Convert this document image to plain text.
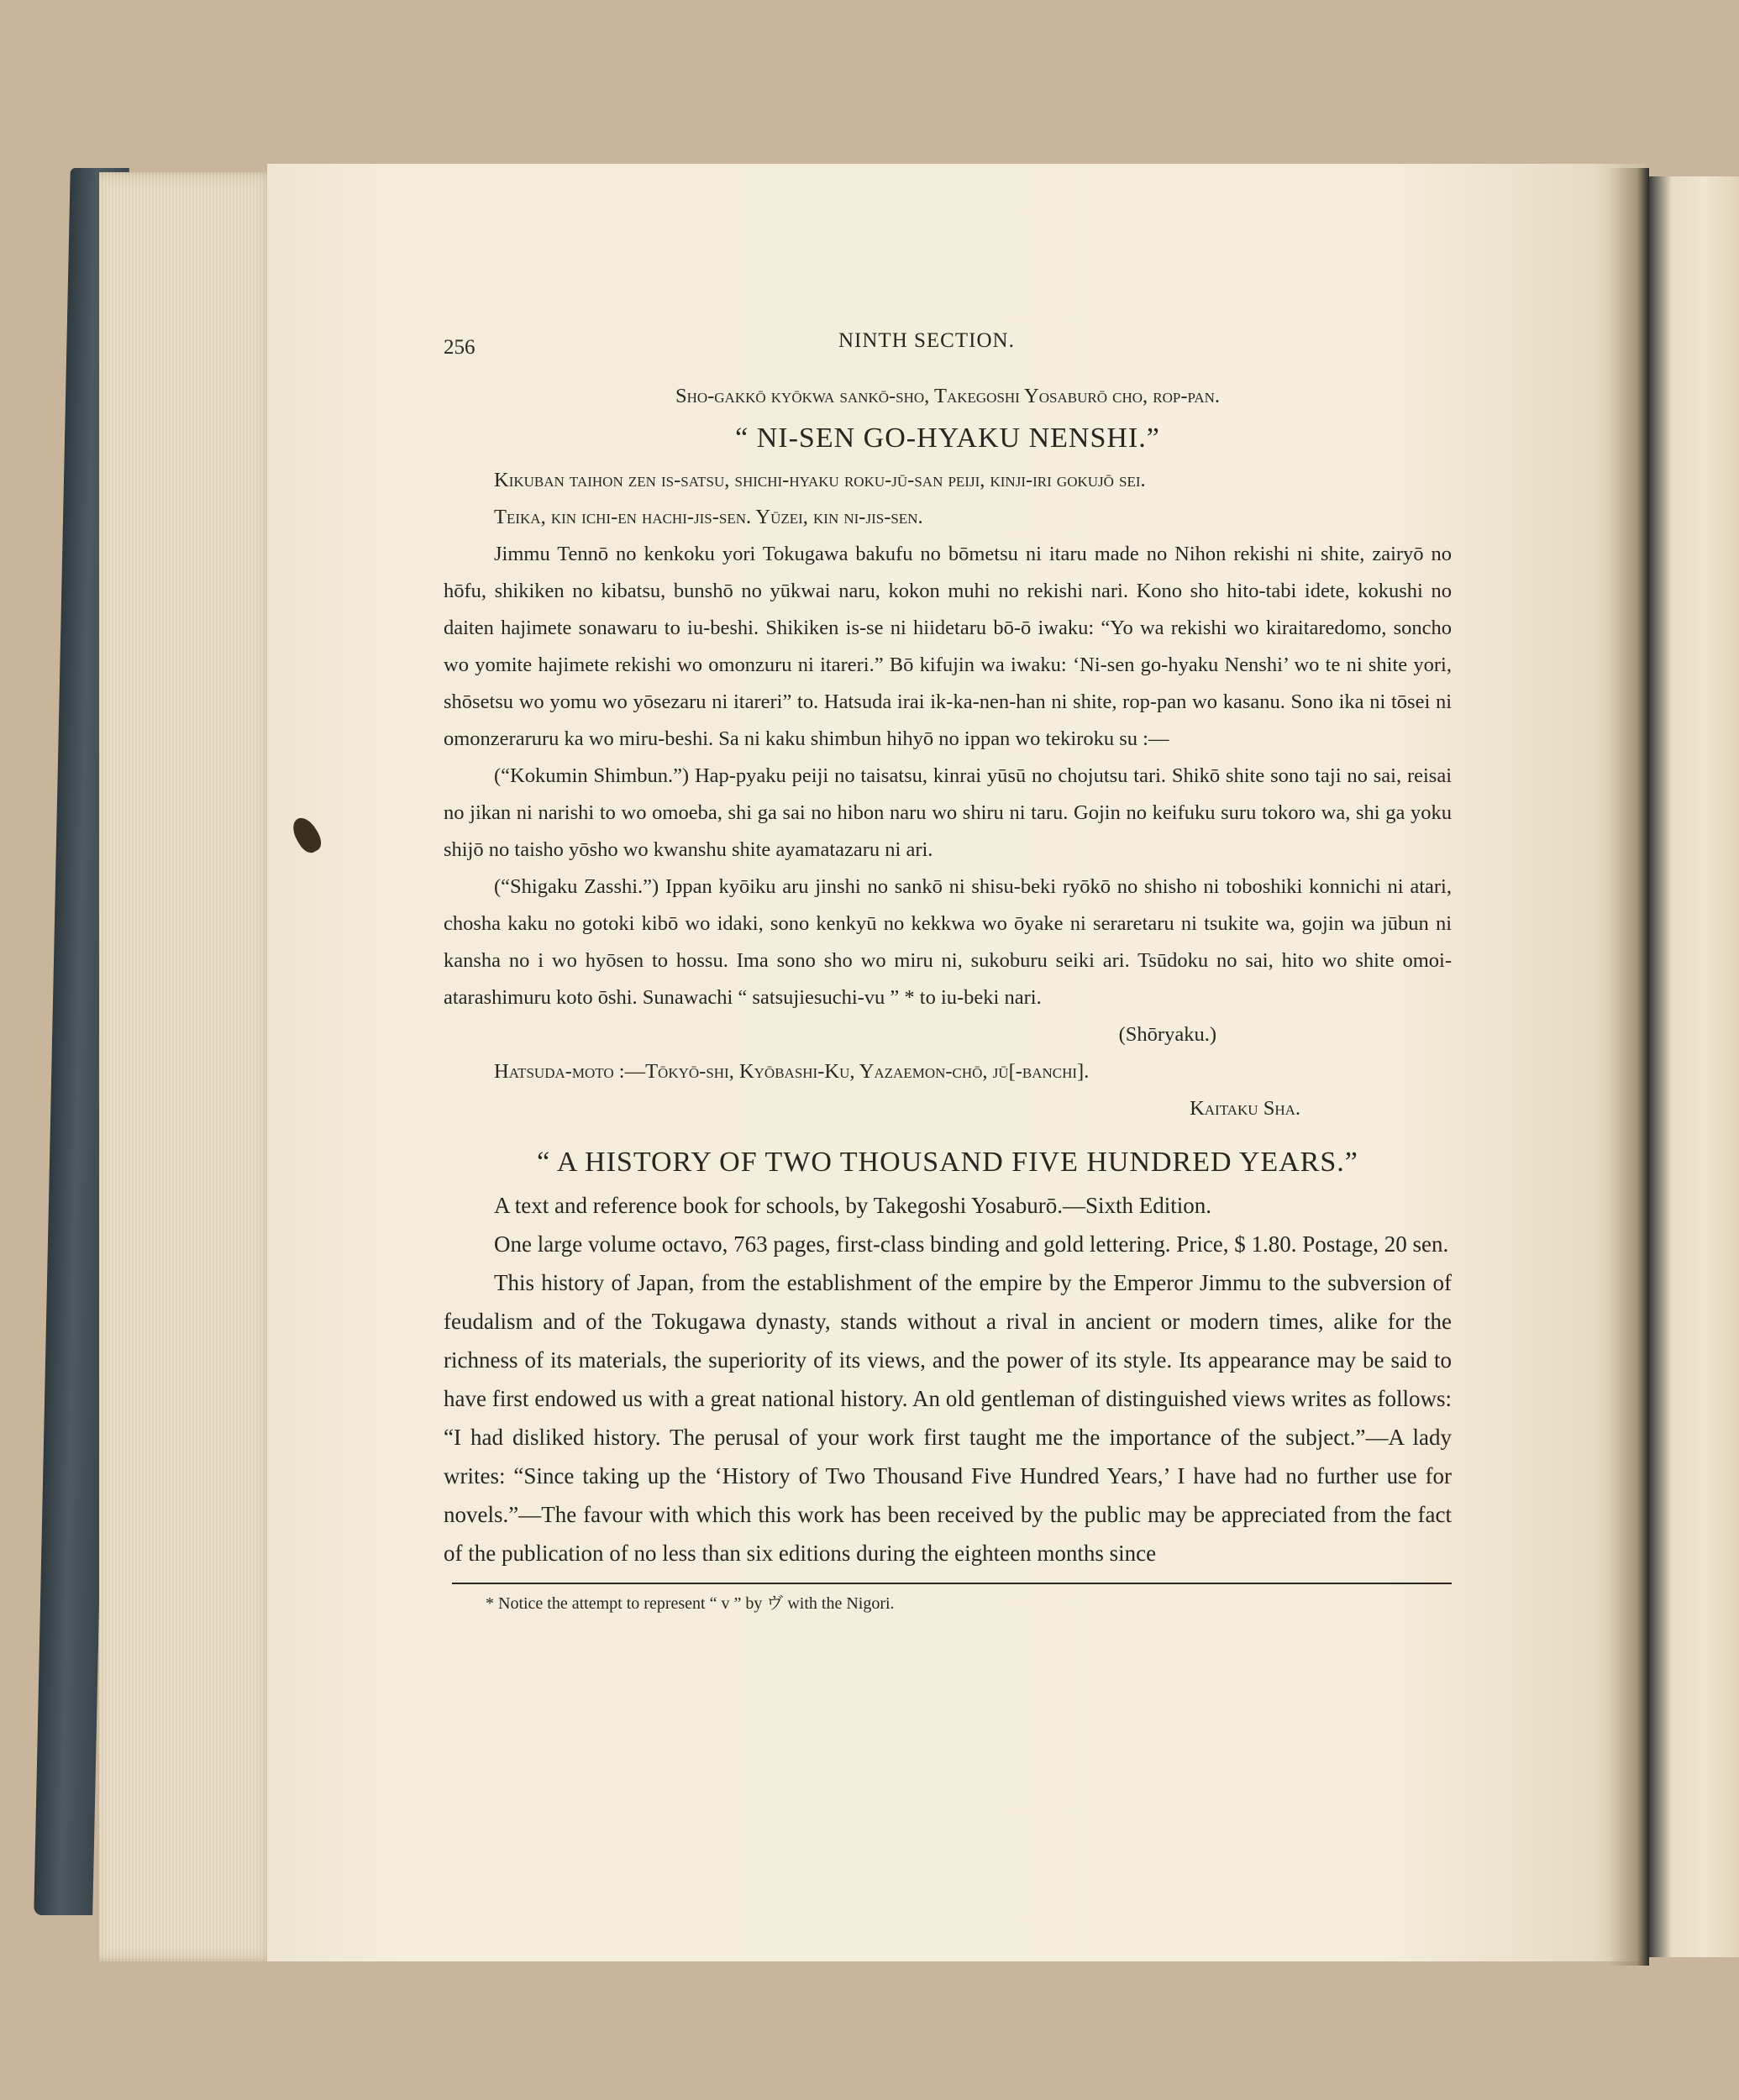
256	NINTH SECTION.

Sho-gakkō kyōkwa sankō-sho, Takegoshi Yosaburō cho, rop-pan.

“ NI-SEN GO-HYAKU NENSHI.”

Kikuban taihon zen is-satsu, shichi-hyaku roku-jū-san peiji, kinji-iri gokujō sei.

Teika, kin ichi-en hachi-jis-sen. Yūzei, kin ni-jis-sen.

Jimmu Tennō no kenkoku yori Tokugawa bakufu no bōmetsu ni itaru made no Nihon rekishi ni shite, zairyō no hōfu, shikiken no kibatsu, bunshō no yūkwai naru, kokon muhi no rekishi nari. Kono sho hito-tabi idete, kokushi no daiten hajimete sonawaru to iu-beshi. Shikiken is-se ni hiidetaru bō-ō iwaku: “Yo wa rekishi wo kiraitaredomo, sonсho wo yomite hajimete rekishi wo omonzuru ni itareri.” Bō kifujin wa iwaku: ‘Ni-sen go-hyaku Nenshi’ wo te ni shite yori, shōsetsu wo yomu wo yōsezaru ni itareri” to. Hatsuda irai ik-ka-nen-han ni shite, rop-pan wo kasanu. Sono ika ni tōsei ni omonzeraruru ka wo miru-beshi. Sa ni kaku shimbun hihyō no ippan wo tekiroku su :—

(“Kokumin Shimbun.”) Hap-pyaku peiji no taisatsu, kinrai yūsū no chojutsu tari. Shikō shite sono taji no sai, reisai no jikan ni narishi to wo omoeba, shi ga sai no hibon naru wo shiru ni taru. Gojin no keifuku suru tokoro wa, shi ga yoku shijō no taisho yōsho wo kwanshu shite ayamatazaru ni ari.

(“Shigaku Zasshi.”) Ippan kyōiku aru jinshi no sankō ni shisu-beki ryōkō no shisho ni toboshiki konnichi ni atari, chosha kaku no gotoki kibō wo idaki, sono kenkyū no kekkwa wo ōyake ni seraretaru ni tsukite wa, gojin wa jūbun ni kansha no i wo hyōsen to hossu. Ima sono sho wo miru ni, sukoburu seiki ari. Tsūdoku no sai, hito wo shite omoi-atarashimuru koto ōshi. Sunawachi “ satsujiesuchi-vu ” * to iu-beki nari.

(Shōryaku.)

Hatsuda-moto :—Tōkyō-shi, Kyōbashi-Ku, Yazaemon-chō, jū[-banchi].

Kaitaku Sha.

“ A HISTORY OF TWO THOUSAND FIVE HUNDRED YEARS.”

A text and reference book for schools, by Takegoshi Yosaburō.—Sixth Edition.

One large volume octavo, 763 pages, first-class binding and gold lettering. Price, $ 1.80. Postage, 20 sen.

This history of Japan, from the establishment of the empire by the Emperor Jimmu to the subversion of feudalism and of the Tokugawa dynasty, stands without a rival in ancient or modern times, alike for the richness of its materials, the superiority of its views, and the power of its style. Its appearance may be said to have first endowed us with a great national history. An old gentleman of distinguished views writes as follows: “I had disliked history. The perusal of your work first taught me the importance of the subject.”—A lady writes: “Since taking up the ‘History of Two Thousand Five Hundred Years,’ I have had no further use for novels.”—The favour with which this work has been received by the public may be appreciated from the fact of the publication of no less than six editions during the eighteen months since

* Notice the attempt to represent “ v ” by ヴ with the Nigori.
